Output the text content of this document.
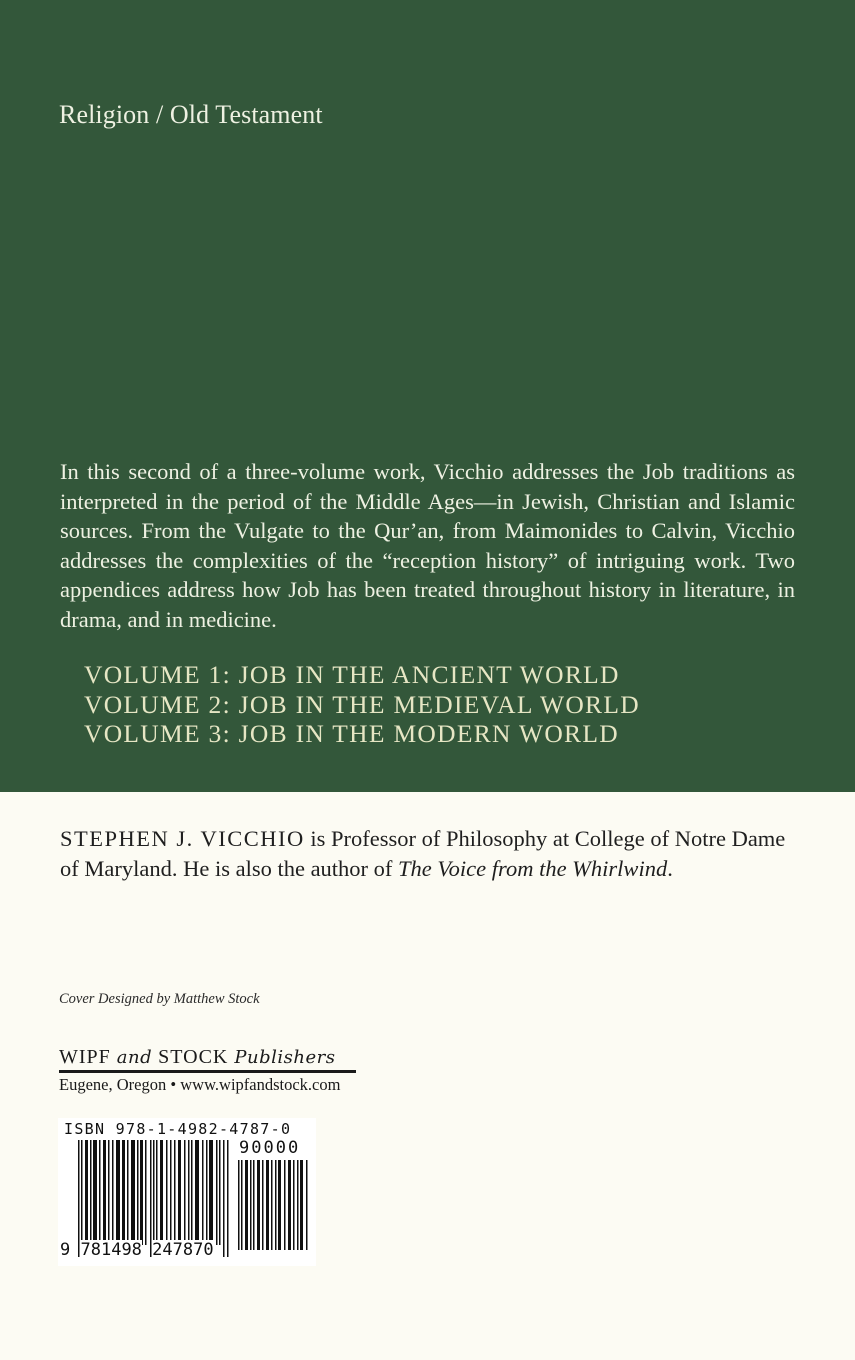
Religion / Old Testament
In this second of a three-volume work, Vicchio addresses the Job traditions as interpreted in the period of the Middle Ages—in Jewish, Christian and Islamic sources. From the Vulgate to the Qur’an, from Maimonides to Calvin, Vicchio addresses the complexities of the “reception history” of intriguing work. Two appendices address how Job has been treated throughout history in literature, in drama, and in medicine.
VOLUME 1: JOB IN THE ANCIENT WORLD
VOLUME 2: JOB IN THE MEDIEVAL WORLD
VOLUME 3: JOB IN THE MODERN WORLD
STEPHEN J. VICCHIO is Professor of Philosophy at College of Notre Dame of Maryland. He is also the author of The Voice from the Whirlwind.
Cover Designed by Matthew Stock
WIPF and STOCK Publishers
Eugene, Oregon • www.wipfandstock.com
ISBN 978-1-4982-4787-0
90000
9 781498 247870
